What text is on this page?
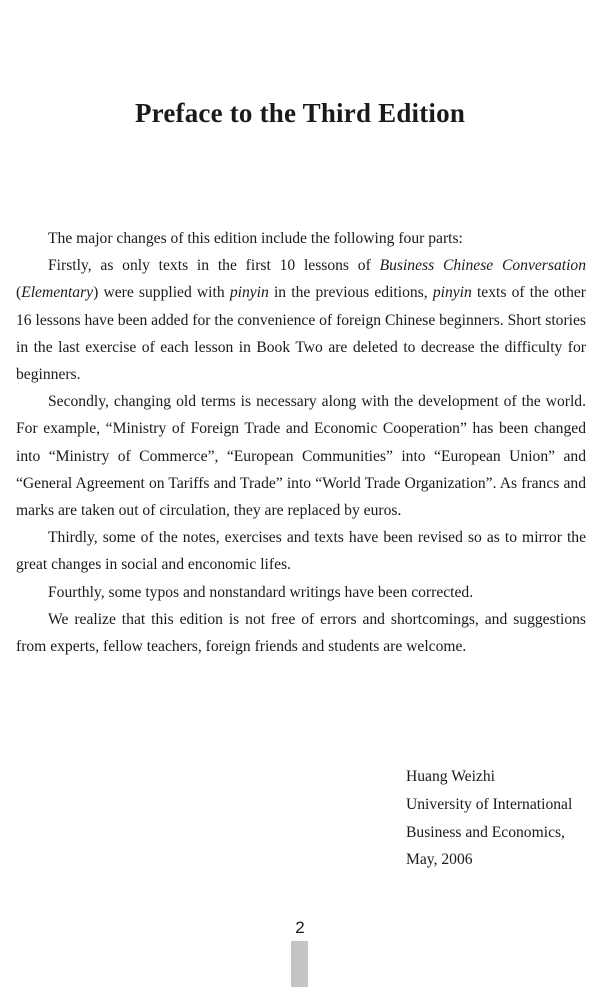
Preface to the Third Edition

The major changes of this edition include the following four parts:

Firstly, as only texts in the first 10 lessons of Business Chinese Conversation (Elementary) were supplied with pinyin in the previous editions, pinyin texts of the other 16 lessons have been added for the convenience of foreign Chinese beginners. Short stories in the last exercise of each lesson in Book Two are deleted to decrease the difficulty for beginners.

Secondly, changing old terms is necessary along with the development of the world. For example, “Ministry of Foreign Trade and Economic Cooperation” has been changed into “Ministry of Commerce”, “European Communities” into “European Union” and “General Agreement on Tariffs and Trade” into “World Trade Organization”. As francs and marks are taken out of circulation, they are replaced by euros.

Thirdly, some of the notes, exercises and texts have been revised so as to mirror the great changes in social and enconomic lifes.

Fourthly, some typos and nonstandard writings have been corrected.

We realize that this edition is not free of errors and shortcomings, and suggestions from experts, fellow teachers, foreign friends and students are welcome.

Huang Weizhi
University of International
Business and Economics,
May, 2006
2
